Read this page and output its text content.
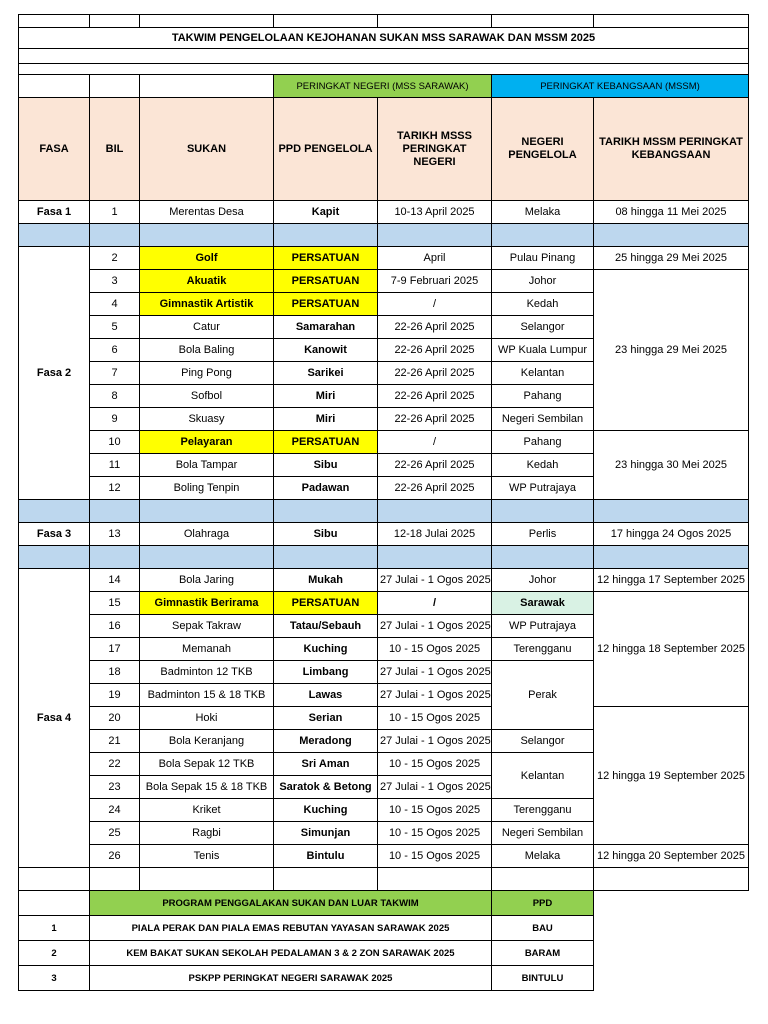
TAKWIM PENGELOLAAN KEJOHANAN SUKAN MSS SARAWAK DAN MSSM 2025						

			PERINGKAT NEGERI (MSS SARAWAK)		PERINGKAT KEBANGSAAN (MSSM)	
FASA	BIL	SUKAN	PPD PENGELOLA	TARIKH MSSS PERINGKAT NEGERI	NEGERI PENGELOLA	TARIKH MSSM PERINGKAT KEBANGSAAN
Fasa 1	1	Merentas Desa	Kapit	10-13 April 2025	Melaka	08 hingga 11 Mei 2025

Fasa 2	2	Golf	PERSATUAN	April	Pulau Pinang	25 hingga 29 Mei 2025
	3	Akuatik	PERSATUAN	7-9 Februari 2025	Johor	23 hingga 29 Mei 2025
	4	Gimnastik Artistik	PERSATUAN	/	Kedah	
	5	Catur	Samarahan	22-26 April 2025	Selangor	
	6	Bola Baling	Kanowit	22-26 April 2025	WP Kuala Lumpur	
	7	Ping Pong	Sarikei	22-26 April 2025	Kelantan	
	8	Sofbol	Miri	22-26 April 2025	Pahang	
	9	Skuasy	Miri	22-26 April 2025	Negeri Sembilan	
	10	Pelayaran	PERSATUAN	/	Pahang	23 hingga 30 Mei 2025
	11	Bola Tampar	Sibu	22-26 April 2025	Kedah	
	12	Boling Tenpin	Padawan	22-26 April 2025	WP Putrajaya	

Fasa 3	13	Olahraga	Sibu	12-18 Julai 2025	Perlis	17 hingga 24 Ogos 2025

Fasa 4	14	Bola Jaring	Mukah	27 Julai - 1 Ogos 2025	Johor	12 hingga 17 September 2025
	15	Gimnastik Berirama	PERSATUAN	/	Sarawak	12 hingga 18 September 2025
	16	Sepak Takraw	Tatau/Sebauh	27 Julai - 1 Ogos 2025	WP Putrajaya	
	17	Memanah	Kuching	10 - 15 Ogos 2025	Terengganu	
	18	Badminton 12 TKB	Limbang	27 Julai - 1 Ogos 2025	Perak	
	19	Badminton 15 & 18 TKB	Lawas	27 Julai - 1 Ogos 2025		
	20	Hoki	Serian	10 - 15 Ogos 2025		12 hingga 19 September 2025
	21	Bola Keranjang	Meradong	27 Julai - 1 Ogos 2025	Selangor	
	22	Bola Sepak 12 TKB	Sri Aman	10 - 15 Ogos 2025	Kelantan	
	23	Bola Sepak 15 & 18 TKB	Saratok & Betong	27 Julai - 1 Ogos 2025		
	24	Kriket	Kuching	10 - 15 Ogos 2025	Terengganu	
	25	Ragbi	Simunjan	10 - 15 Ogos 2025	Negeri Sembilan	
	26	Tenis	Bintulu	10 - 15 Ogos 2025	Melaka	12 hingga 20 September 2025

	PROGRAM PENGGALAKAN SUKAN DAN LUAR TAKWIM				PPD	
1	PIALA PERAK DAN PIALA EMAS REBUTAN YAYASAN SARAWAK 2025				BAU	
2	KEM BAKAT SUKAN SEKOLAH PEDALAMAN 3 & 2 ZON SARAWAK 2025				BARAM	
3	PSKPP PERINGKAT NEGERI SARAWAK 2025				BINTULU	
